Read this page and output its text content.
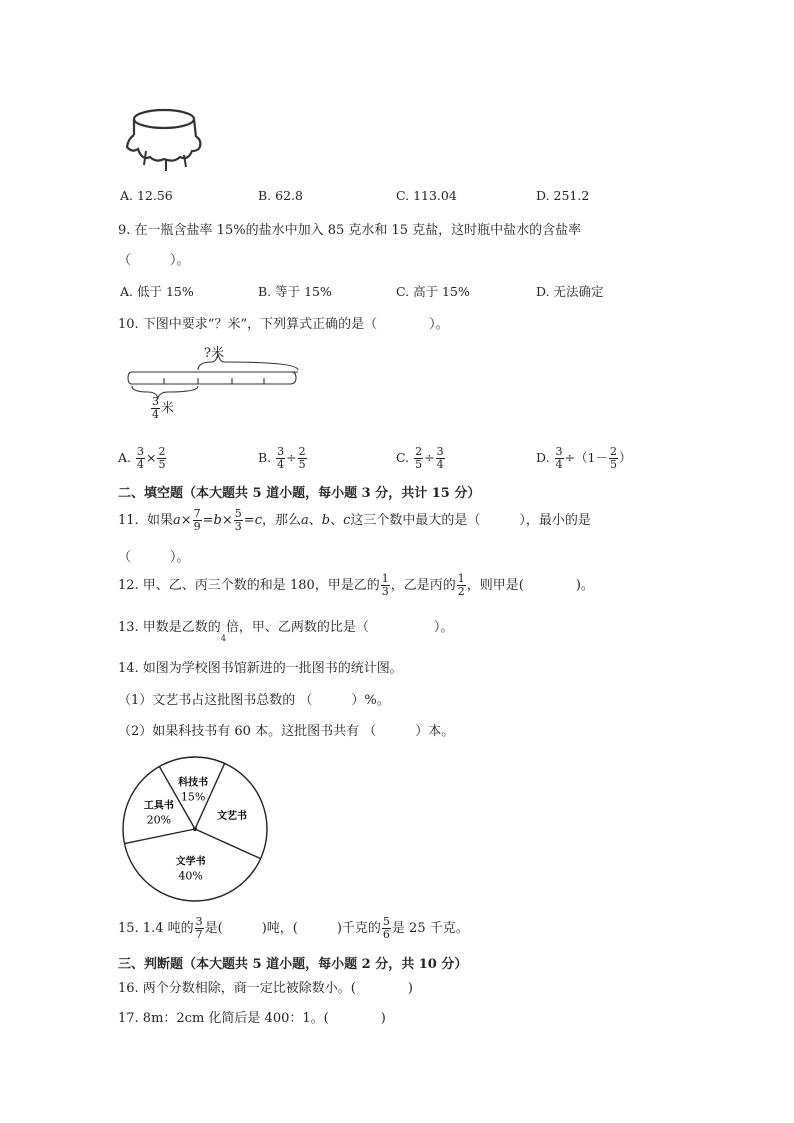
A. 12.56	B. 62.8	C. 113.04	D. 251.2
9. 在一瓶含盐率 15%的盐水中加入 85 克水和 15 克盐，这时瓶中盐水的含盐率
（　　　）。
A. 低于 15%	B. 等于 15%	C. 高于 15%	D. 无法确定
10. 下图中要求“？米”，下列算式正确的是（　　　　）。
?米
$\frac{3}{4}$ 米
A. $\frac{3}{4} \times \frac{2}{5}$	B. $\frac{3}{4} \div \frac{2}{5}$	C. $\frac{2}{5} \div \frac{3}{4}$	D. $\frac{3}{4} \div(1- \frac{2}{5}$ ）
二、填空题（本大题共 5 道小题，每小题 3 分，共计 15 分）
11. 如果$a\times \frac{7}{9} =b\times \frac{5}{3} =c$，那么a、b、c这三个数中最大的是（　　　），最小的是
（　　　）。
12. 甲、乙、丙三个数的和是 180，甲是乙的 $\frac{1}{3}$ ，乙是丙的 $\frac{1}{2}$ ，则甲是(　　　　)。
13. 甲数是乙数的$_4$倍，甲、乙两数的比是（　　　　　）。
14. 如图为学校图书馆新进的一批图书的统计图。
（1）文艺书占这批图书总数的 （　　　）%。
（2）如果科技书有 60 本。这批图书共有 （　　　）本。
科技书
15%
文艺书
文学书
40%
工具书
20%
15. 1.4 吨的 $\frac{3}{7}$ 是(　　　)吨，(　　　)千克的 $\frac{5}{6}$ 是 25 千克。
三、判断题（本大题共 5 道小题，每小题 2 分，共 10 分）
16. 两个分数相除，商一定比被除数小。(　　　　)
17. 8m：2cm 化简后是 400：1。(　　　　)
